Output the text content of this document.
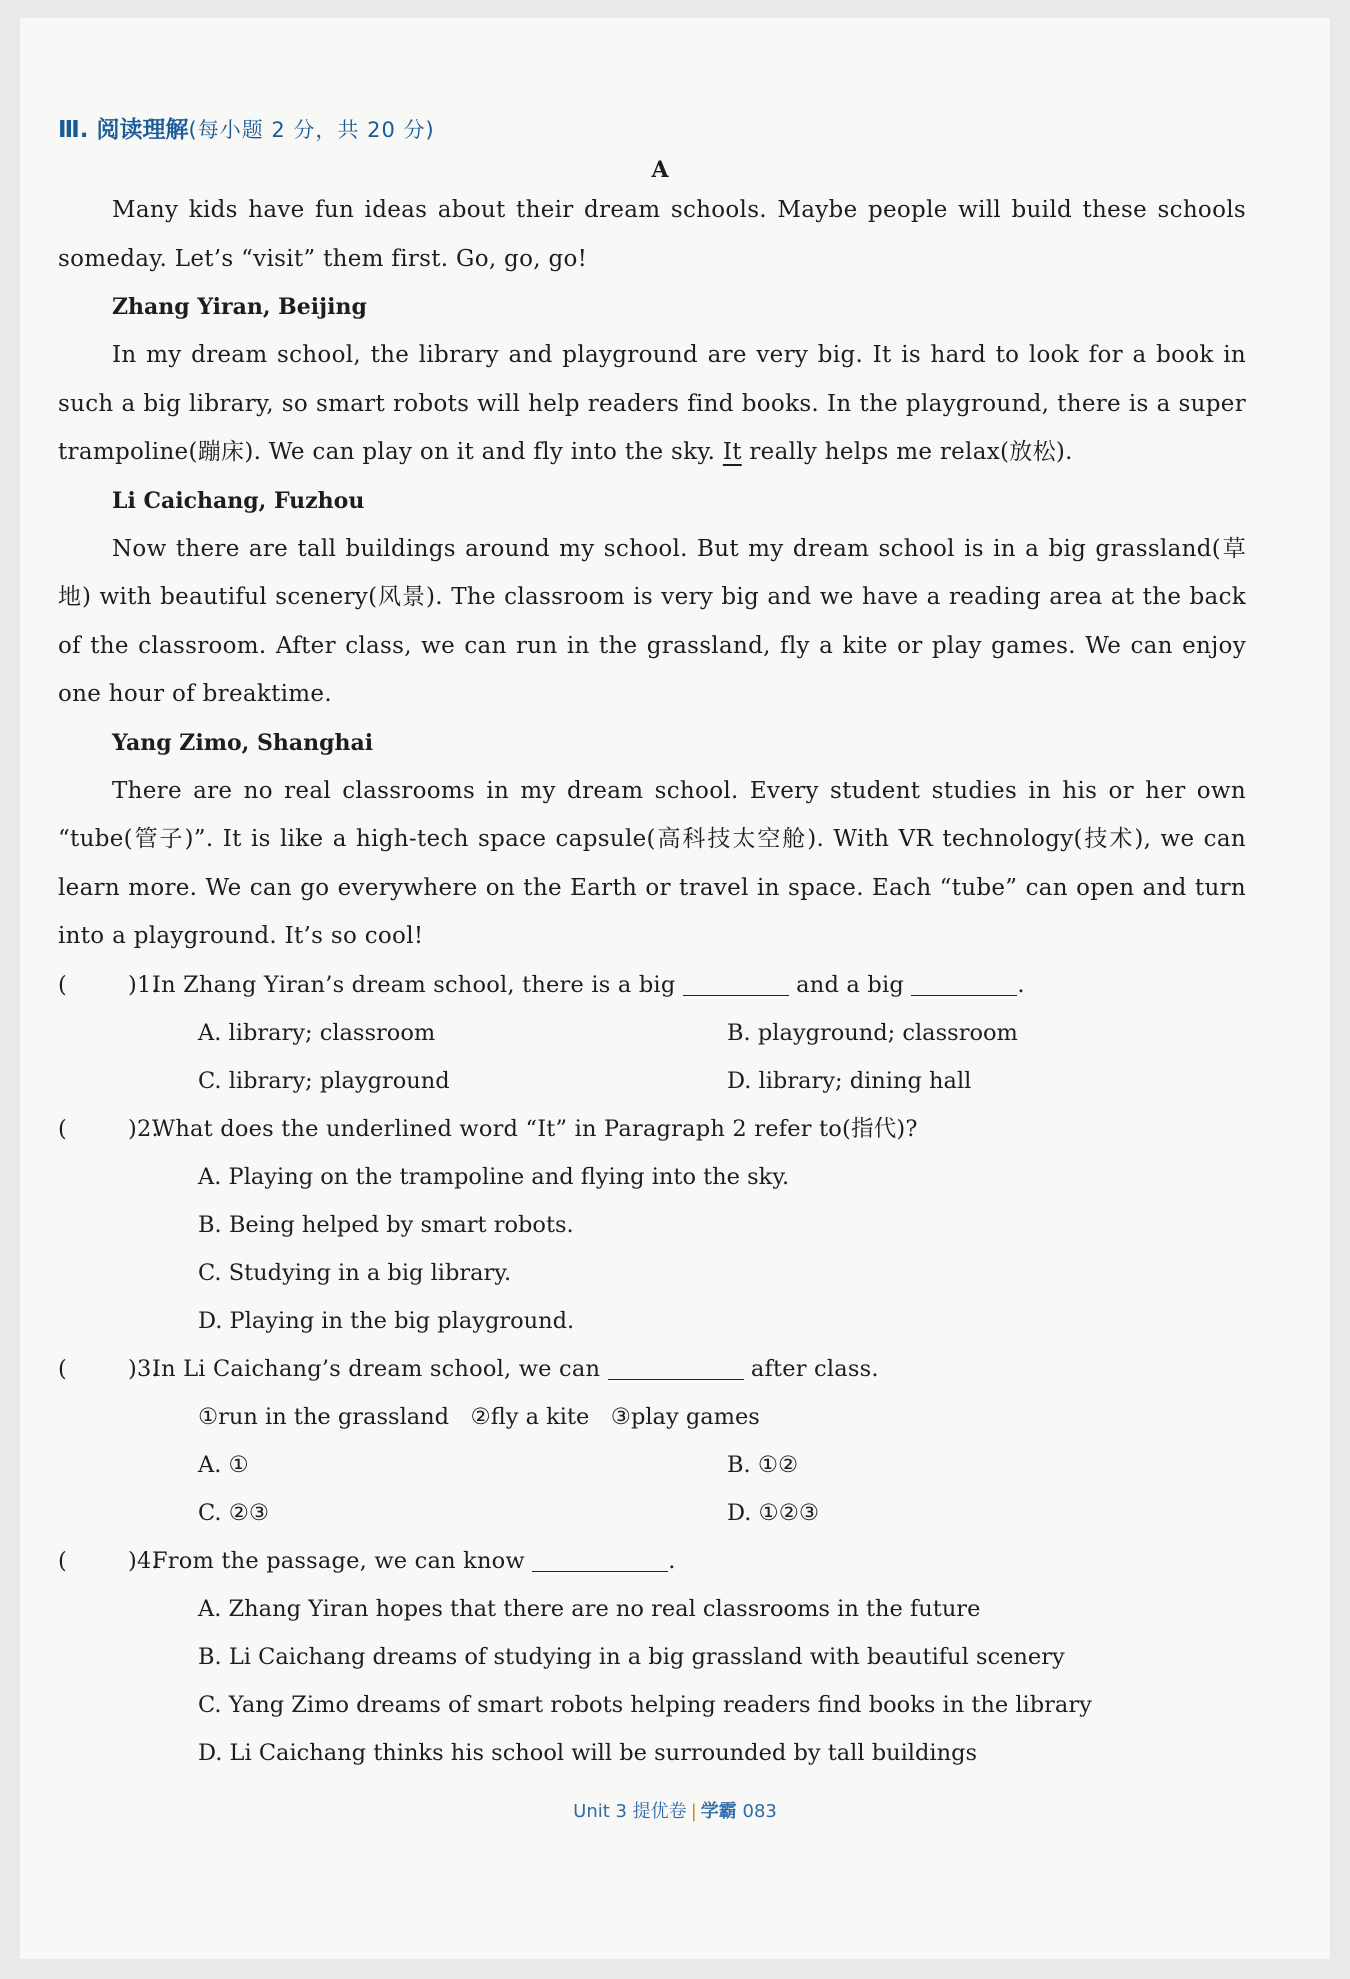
Ⅲ. 阅读理解(每小题 2 分，共 20 分)
A

Many kids have fun ideas about their dream schools. Maybe people will build these schools someday. Let’s “visit” them first. Go, go, go!

Zhang Yiran, Beijing

In my dream school, the library and playground are very big. It is hard to look for a book in such a big library, so smart robots will help readers find books. In the playground, there is a super trampoline(蹦床). We can play on it and fly into the sky. It really helps me relax(放松).

Li Caichang, Fuzhou

Now there are tall buildings around my school. But my dream school is in a big grassland(草地) with beautiful scenery(风景). The classroom is very big and we have a reading area at the back of the classroom. After class, we can run in the grassland, fly a kite or play games. We can enjoy one hour of breaktime.

Yang Zimo, Shanghai

There are no real classrooms in my dream school. Every student studies in his or her own “tube(管子)”. It is like a high-tech space capsule(高科技太空舱). With VR technology(技术), we can learn more. We can go everywhere on the Earth or travel in space. Each “tube” can open and turn into a playground. It’s so cool!

(	)1.
In Zhang Yiran’s dream school, there is a big	and a big	.
A. library; classroom	B. playground; classroom
C. library; playground	D. library; dining hall
(	)2.
What does the underlined word “It” in Paragraph 2 refer to(指代)?
A. Playing on the trampoline and flying into the sky.
B. Being helped by smart robots.
C. Studying in a big library.
D. Playing in the big playground.
(	)3.
In Li Caichang’s dream school, we can	after class.
①run in the grassland   ②fly a kite   ③play games
A. ①	B. ①②
C. ②③	D. ①②③
(	)4.
From the passage, we can know	.
A. Zhang Yiran hopes that there are no real classrooms in the future
B. Li Caichang dreams of studying in a big grassland with beautiful scenery
C. Yang Zimo dreams of smart robots helping readers find books in the library
D. Li Caichang thinks his school will be surrounded by tall buildings
Unit 3 提优卷 | 学霸 083
